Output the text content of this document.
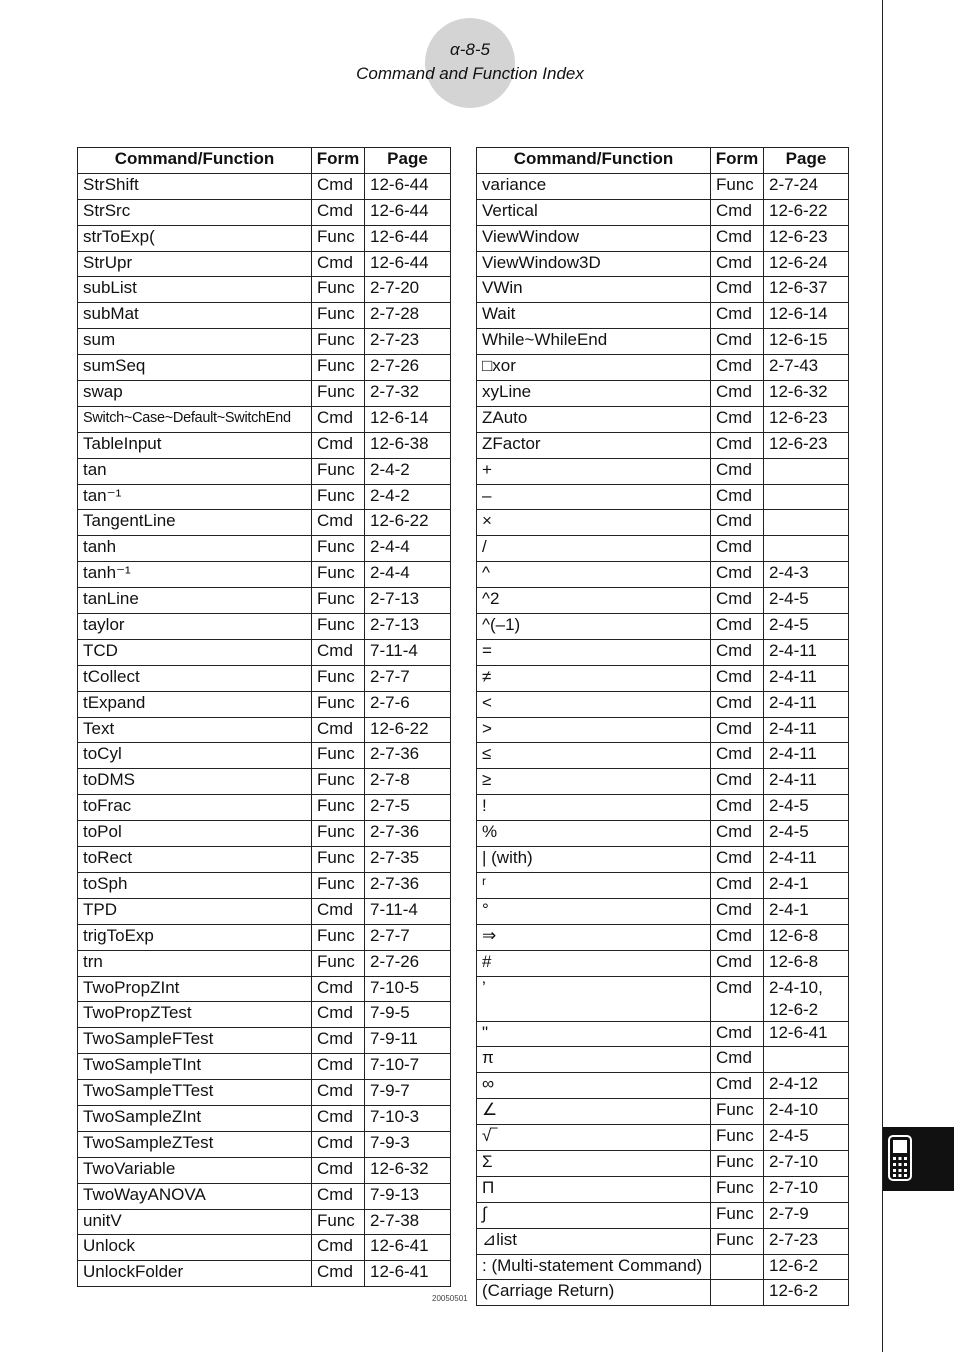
α-8-5
Command and Function Index
Command/Function	Form	Page
StrShift	Cmd	12-6-44
StrSrc	Cmd	12-6-44
strToExp(	Func	12-6-44
StrUpr	Cmd	12-6-44
subList	Func	2-7-20
subMat	Func	2-7-28
sum	Func	2-7-23
sumSeq	Func	2-7-26
swap	Func	2-7-32
Switch~Case~Default~SwitchEnd	Cmd	12-6-14
TableInput	Cmd	12-6-38
tan	Func	2-4-2
tan⁻¹	Func	2-4-2
TangentLine	Cmd	12-6-22
tanh	Func	2-4-4
tanh⁻¹	Func	2-4-4
tanLine	Func	2-7-13
taylor	Func	2-7-13
TCD	Cmd	7-11-4
tCollect	Func	2-7-7
tExpand	Func	2-7-6
Text	Cmd	12-6-22
toCyl	Func	2-7-36
toDMS	Func	2-7-8
toFrac	Func	2-7-5
toPol	Func	2-7-36
toRect	Func	2-7-35
toSph	Func	2-7-36
TPD	Cmd	7-11-4
trigToExp	Func	2-7-7
trn	Func	2-7-26
TwoPropZInt	Cmd	7-10-5
TwoPropZTest	Cmd	7-9-5
TwoSampleFTest	Cmd	7-9-11
TwoSampleTInt	Cmd	7-10-7
TwoSampleTTest	Cmd	7-9-7
TwoSampleZInt	Cmd	7-10-3
TwoSampleZTest	Cmd	7-9-3
TwoVariable	Cmd	12-6-32
TwoWayANOVA	Cmd	7-9-13
unitV	Func	2-7-38
Unlock	Cmd	12-6-41
UnlockFolder	Cmd	12-6-41
Command/Function	Form	Page
variance	Func	2-7-24
Vertical	Cmd	12-6-22
ViewWindow	Cmd	12-6-23
ViewWindow3D	Cmd	12-6-24
VWin	Cmd	12-6-37
Wait	Cmd	12-6-14
While~WhileEnd	Cmd	12-6-15
□xor	Cmd	2-7-43
xyLine	Cmd	12-6-32
ZAuto	Cmd	12-6-23
ZFactor	Cmd	12-6-23
+	Cmd	
–	Cmd	
×	Cmd	
/	Cmd	
^	Cmd	2-4-3
^2	Cmd	2-4-5
^(–1)	Cmd	2-4-5
=	Cmd	2-4-11
≠	Cmd	2-4-11
<	Cmd	2-4-11
>	Cmd	2-4-11
≤	Cmd	2-4-11
≥	Cmd	2-4-11
!	Cmd	2-4-5
%	Cmd	2-4-5
| (with)	Cmd	2-4-11
ʳ	Cmd	2-4-1
°	Cmd	2-4-1
⇒	Cmd	12-6-8
#	Cmd	12-6-8
’	Cmd	2-4-10,
12-6-2
"	Cmd	12-6-41
π	Cmd	
∞	Cmd	2-4-12
∠	Func	2-4-10
√‾	Func	2-4-5
Σ	Func	2-7-10
Π	Func	2-7-10
∫	Func	2-7-9
⊿list	Func	2-7-23
: (Multi-statement Command)		12-6-2
(Carriage Return)		12-6-2
20050501
